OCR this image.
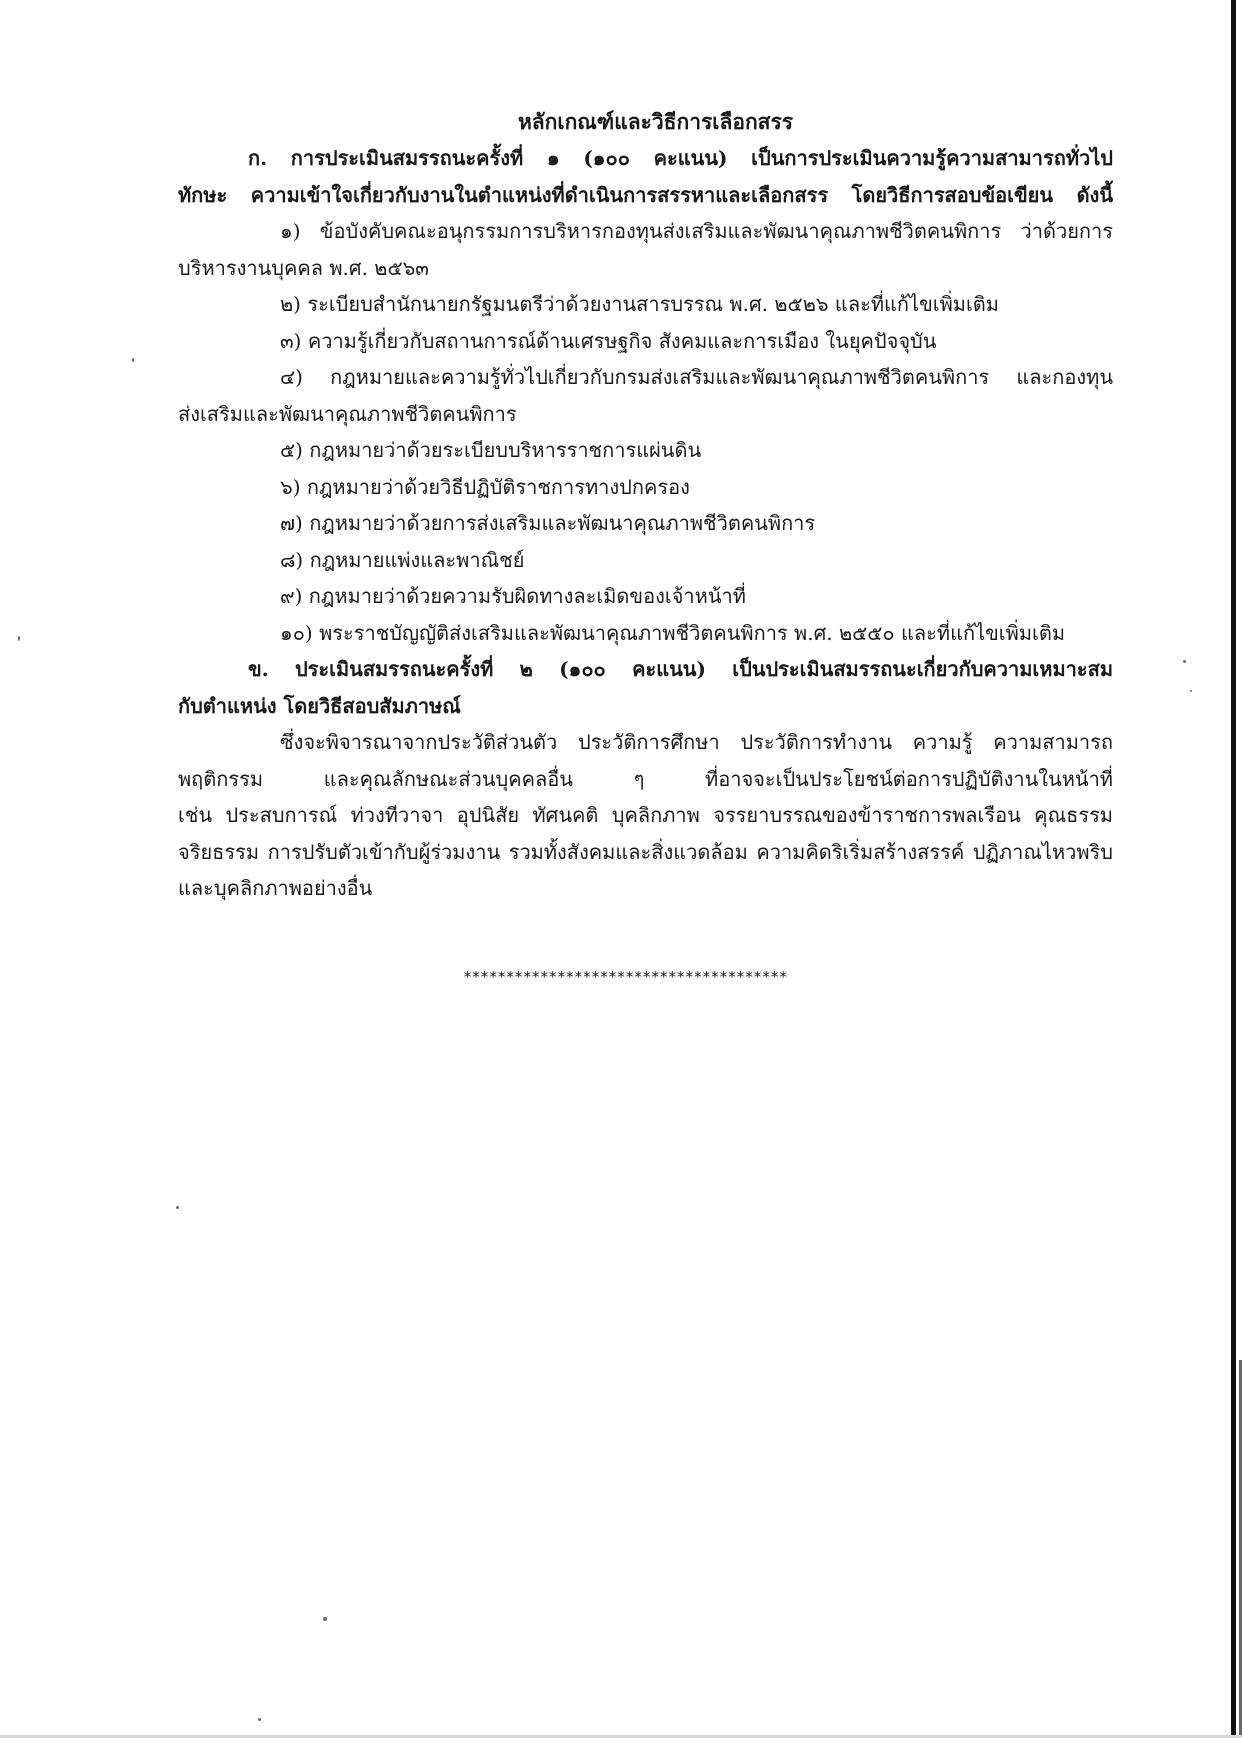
หลักเกณฑ์และวิธีการเลือกสรร

ก. การประเมินสมรรถนะครั้งที่ ๑ (๑๐๐ คะแนน) เป็นการประเมินความรู้ความสามารถทั่วไป

ทักษะ ความเข้าใจเกี่ยวกับงานในตำแหน่งที่ดำเนินการสรรหาและเลือกสรร โดยวิธีการสอบข้อเขียน ดังนี้

๑) ข้อบังคับคณะอนุกรรมการบริหารกองทุนส่งเสริมและพัฒนาคุณภาพชีวิตคนพิการ ว่าด้วยการ

บริหารงานบุคคล พ.ศ. ๒๕๖๓

๒) ระเบียบสำนักนายกรัฐมนตรีว่าด้วยงานสารบรรณ พ.ศ. ๒๕๒๖ และที่แก้ไขเพิ่มเติม

๓) ความรู้เกี่ยวกับสถานการณ์ด้านเศรษฐกิจ สังคมและการเมือง ในยุคปัจจุบัน

๔) กฎหมายและความรู้ทั่วไปเกี่ยวกับกรมส่งเสริมและพัฒนาคุณภาพชีวิตคนพิการ และกองทุน

ส่งเสริมและพัฒนาคุณภาพชีวิตคนพิการ

๕) กฎหมายว่าด้วยระเบียบบริหารราชการแผ่นดิน

๖) กฎหมายว่าด้วยวิธีปฏิบัติราชการทางปกครอง

๗) กฎหมายว่าด้วยการส่งเสริมและพัฒนาคุณภาพชีวิตคนพิการ

๘) กฎหมายแพ่งและพาณิชย์

๙) กฎหมายว่าด้วยความรับผิดทางละเมิดของเจ้าหน้าที่

๑๐) พระราชบัญญัติส่งเสริมและพัฒนาคุณภาพชีวิตคนพิการ พ.ศ. ๒๕๕๐ และที่แก้ไขเพิ่มเติม

ข. ประเมินสมรรถนะครั้งที่ ๒ (๑๐๐ คะแนน) เป็นประเมินสมรรถนะเกี่ยวกับความเหมาะสม

กับตำแหน่ง โดยวิธีสอบสัมภาษณ์

ซึ่งจะพิจารณาจากประวัติส่วนตัว ประวัติการศึกษา ประวัติการทำงาน ความรู้ ความสามารถ

พฤติกรรม และคุณลักษณะส่วนบุคคลอื่น ๆ ที่อาจจะเป็นประโยชน์ต่อการปฏิบัติงานในหน้าที่

เช่น ประสบการณ์ ท่วงทีวาจา อุปนิสัย ทัศนคติ บุคลิกภาพ จรรยาบรรณของข้าราชการพลเรือน คุณธรรม

จริยธรรม การปรับตัวเข้ากับผู้ร่วมงาน รวมทั้งสังคมและสิ่งแวดล้อม ความคิดริเริ่มสร้างสรรค์ ปฏิภาณไหวพริบ

และบุคลิกภาพอย่างอื่น

**************************************
